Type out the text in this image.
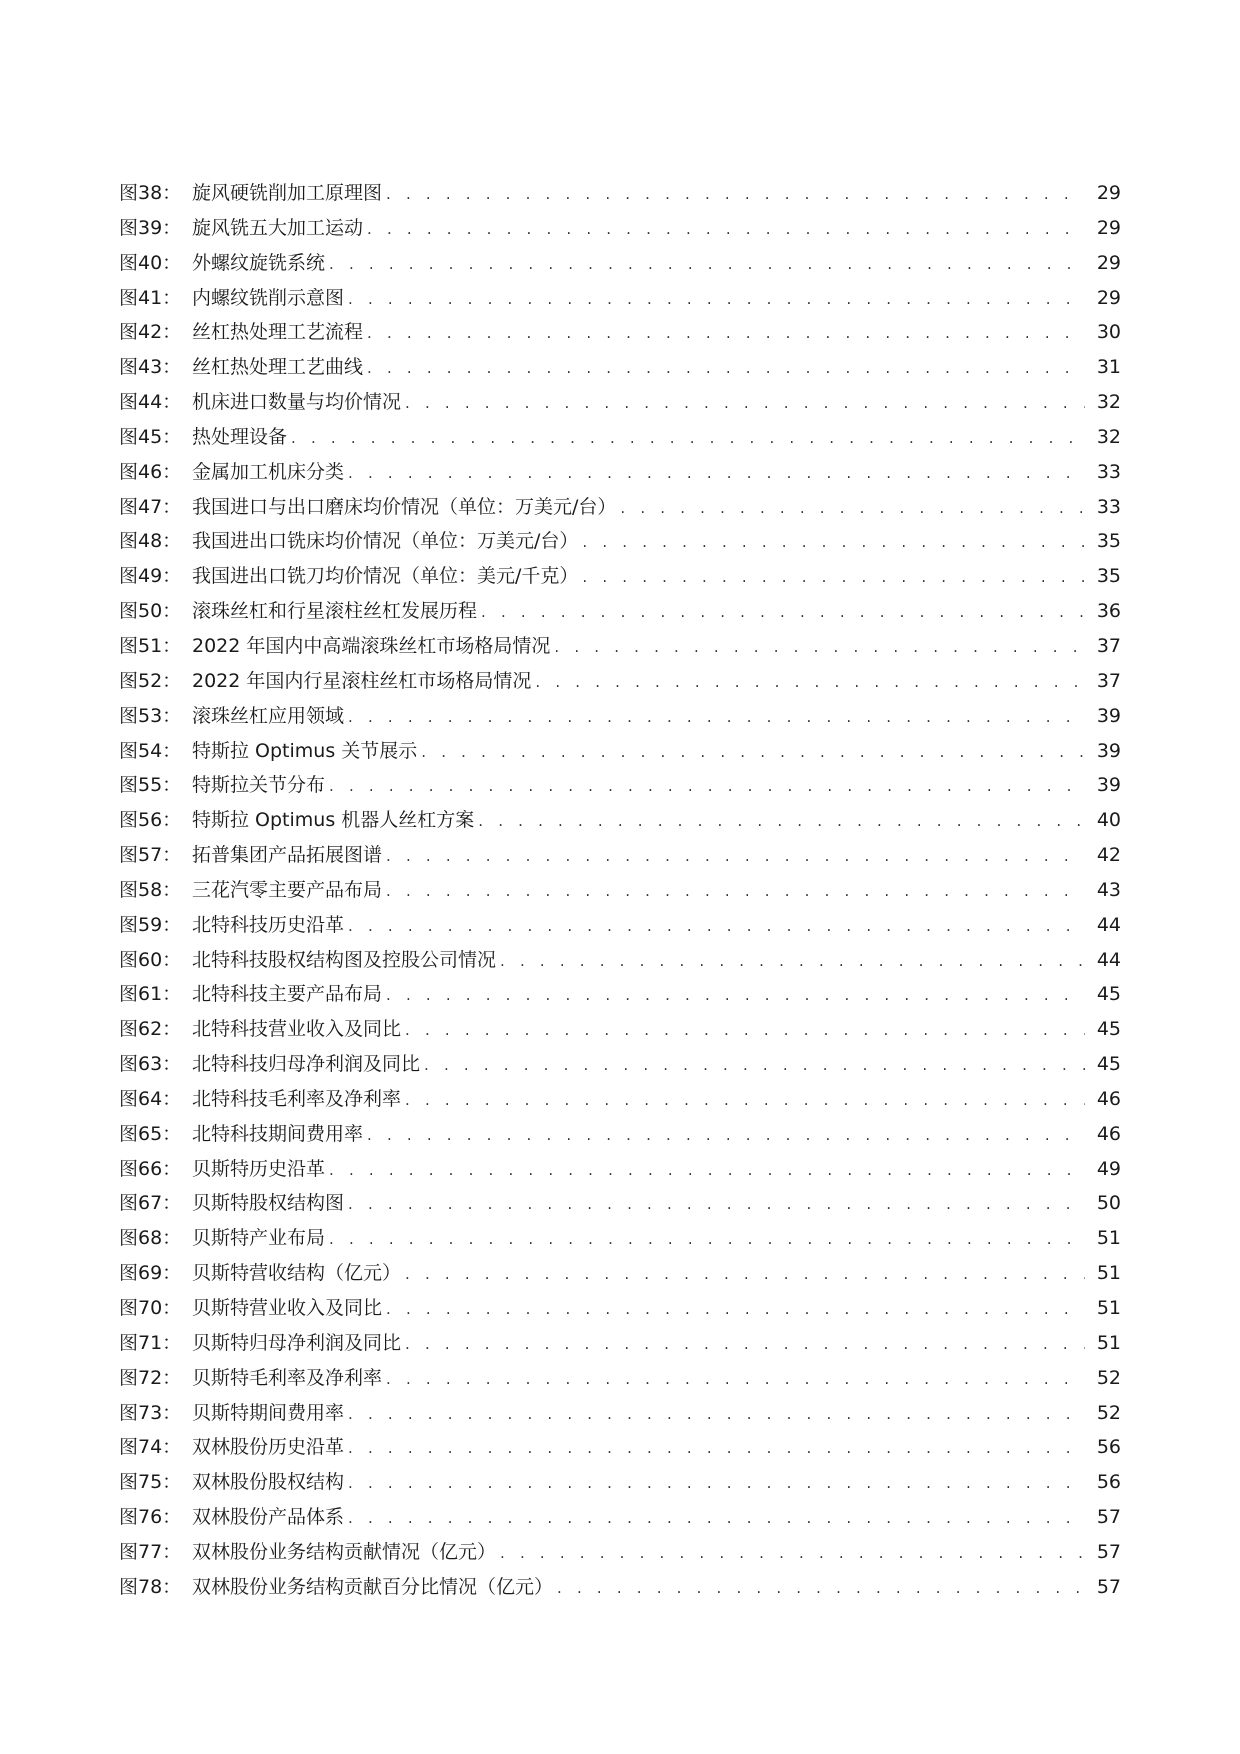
图38： 旋风硬铣削加工原理图 . . .	29
图39： 旋风铣五大加工运动 . . .	29
图40： 外螺纹旋铣系统 . . .	29
图41： 内螺纹铣削示意图 . . .	29
图42： 丝杠热处理工艺流程 . . .	30
图43： 丝杠热处理工艺曲线 . . .	31
图44： 机床进口数量与均价情况 . . .	32
图45： 热处理设备 . . .	32
图46： 金属加工机床分类 . . .	33
图47： 我国进口与出口磨床均价情况（单位：万美元/台） . . .	33
图48： 我国进出口铣床均价情况（单位：万美元/台） . . .	35
图49： 我国进出口铣刀均价情况（单位：美元/千克） . . .	35
图50： 滚珠丝杠和行星滚柱丝杠发展历程 . . .	36
图51： 2022 年国内中高端滚珠丝杠市场格局情况 . . .	37
图52： 2022 年国内行星滚柱丝杠市场格局情况 . . .	37
图53： 滚珠丝杠应用领域 . . .	39
图54： 特斯拉 Optimus 关节展示 . . .	39
图55： 特斯拉关节分布 . . .	39
图56： 特斯拉 Optimus 机器人丝杠方案 . . .	40
图57： 拓普集团产品拓展图谱 . . .	42
图58： 三花汽零主要产品布局 . . .	43
图59： 北特科技历史沿革 . . .	44
图60： 北特科技股权结构图及控股公司情况 . . .	44
图61： 北特科技主要产品布局 . . .	45
图62： 北特科技营业收入及同比 . . .	45
图63： 北特科技归母净利润及同比 . . .	45
图64： 北特科技毛利率及净利率 . . .	46
图65： 北特科技期间费用率 . . .	46
图66： 贝斯特历史沿革 . . .	49
图67： 贝斯特股权结构图 . . .	50
图68： 贝斯特产业布局 . . .	51
图69： 贝斯特营收结构（亿元） . . .	51
图70： 贝斯特营业收入及同比 . . .	51
图71： 贝斯特归母净利润及同比 . . .	51
图72： 贝斯特毛利率及净利率 . . .	52
图73： 贝斯特期间费用率 . . .	52
图74： 双林股份历史沿革 . . .	56
图75： 双林股份股权结构 . . .	56
图76： 双林股份产品体系 . . .	57
图77： 双林股份业务结构贡献情况（亿元） . . .	57
图78： 双林股份业务结构贡献百分比情况（亿元） . . .	57
